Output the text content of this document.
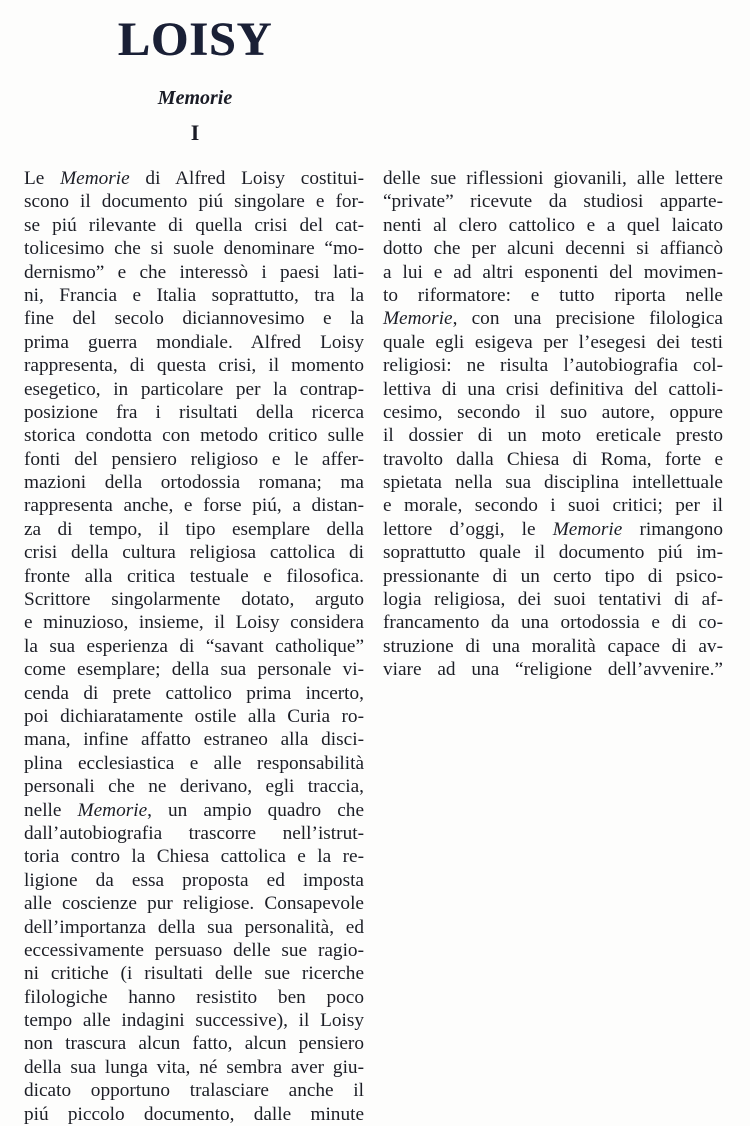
LOISY
Memorie
I
Le Memorie di Alfred Loisy costitui-
scono il documento piú singolare e for-
se piú rilevante di quella crisi del cat-
tolicesimo che si suole denominare “mo-
dernismo” e che interessò i paesi lati-
ni, Francia e Italia soprattutto, tra la
fine del secolo diciannovesimo e la
prima guerra mondiale. Alfred Loisy
rappresenta, di questa crisi, il momento
esegetico, in particolare per la contrap-
posizione fra i risultati della ricerca
storica condotta con metodo critico sulle
fonti del pensiero religioso e le affer-
mazioni della ortodossia romana; ma
rappresenta anche, e forse piú, a distan-
za di tempo, il tipo esemplare della
crisi della cultura religiosa cattolica di
fronte alla critica testuale e filosofica.
Scrittore singolarmente dotato, arguto
e minuzioso, insieme, il Loisy considera
la sua esperienza di “savant catholique”
come esemplare; della sua personale vi-
cenda di prete cattolico prima incerto,
poi dichiaratamente ostile alla Curia ro-
mana, infine affatto estraneo alla disci-
plina ecclesiastica e alle responsabilità
personali che ne derivano, egli traccia,
nelle Memorie, un ampio quadro che
dall’autobiografia trascorre nell’istrut-
toria contro la Chiesa cattolica e la re-
ligione da essa proposta ed imposta
alle coscienze pur religiose. Consapevole
dell’importanza della sua personalità, ed
eccessivamente persuaso delle sue ragio-
ni critiche (i risultati delle sue ricerche
filologiche hanno resistito ben poco
tempo alle indagini successive), il Loisy
non trascura alcun fatto, alcun pensiero
della sua lunga vita, né sembra aver giu-
dicato opportuno tralasciare anche il
piú piccolo documento, dalle minute
delle sue riflessioni giovanili, alle lettere
“private” ricevute da studiosi apparte-
nenti al clero cattolico e a quel laicato
dotto che per alcuni decenni si affiancò
a lui e ad altri esponenti del movimen-
to riformatore: e tutto riporta nelle
Memorie, con una precisione filologica
quale egli esigeva per l’esegesi dei testi
religiosi: ne risulta l’autobiografia col-
lettiva di una crisi definitiva del cattoli-
cesimo, secondo il suo autore, oppure
il dossier di un moto ereticale presto
travolto dalla Chiesa di Roma, forte e
spietata nella sua disciplina intellettuale
e morale, secondo i suoi critici; per il
lettore d’oggi, le Memorie rimangono
soprattutto quale il documento piú im-
pressionante di un certo tipo di psico-
logia religiosa, dei suoi tentativi di af-
francamento da una ortodossia e di co-
struzione di una moralità capace di av-
viare ad una “religione dell’avvenire.”
